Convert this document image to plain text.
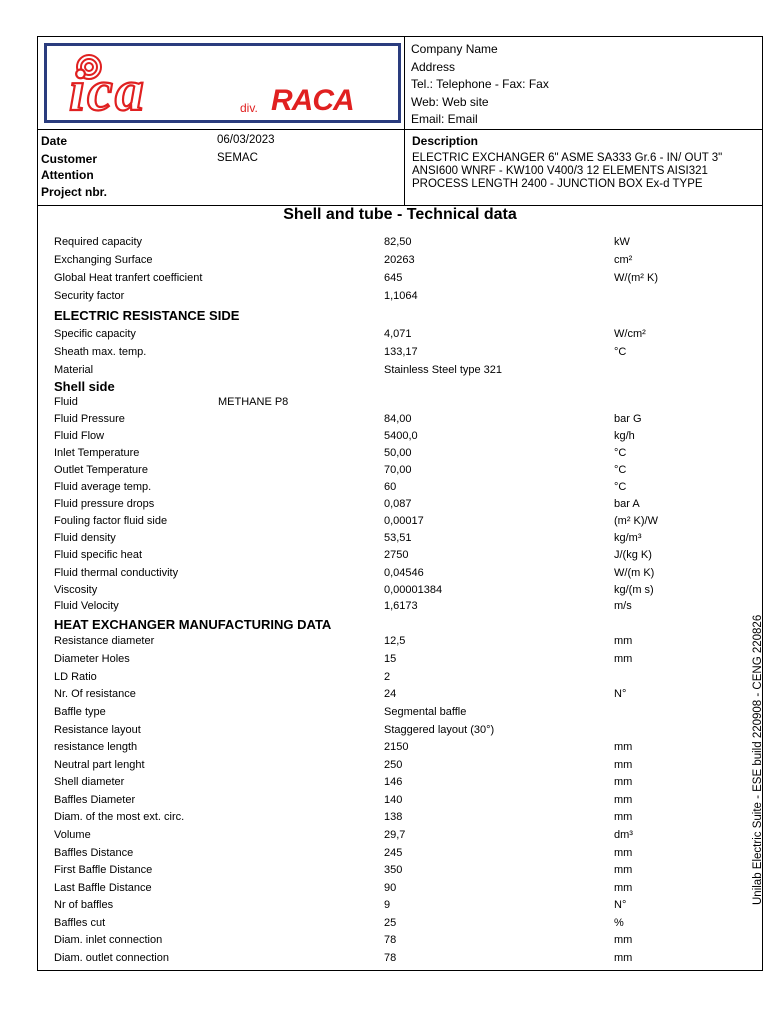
ica	div. RACA
Company Name
Address
Tel.: Telephone - Fax: Fax
Web: Web site
Email: Email
Date	06/03/2023
Customer	SEMAC
Attention
Project nbr.
Description
ELECTRIC EXCHANGER 6" ASME SA333 Gr.6 - IN/ OUT 3" ANSI600 WNRF - KW100 V400/3 12 ELEMENTS AISI321 PROCESS LENGTH 2400 - JUNCTION BOX Ex-d TYPE
Shell and tube - Technical data
Required capacity	82,50	kW
Exchanging Surface	20263	cm²
Global Heat tranfert coefficient	645	W/(m² K)
Security factor	1,1064
ELECTRIC RESISTANCE SIDE
Specific capacity	4,071	W/cm²
Sheath max. temp.	133,17	°C
Material	Stainless Steel type 321
Shell side
Fluid	METHANE P8
Fluid Pressure	84,00	bar G
Fluid Flow	5400,0	kg/h
Inlet Temperature	50,00	°C
Outlet Temperature	70,00	°C
Fluid average temp.	60	°C
Fluid pressure drops	0,087	bar A
Fouling factor fluid side	0,00017	(m² K)/W
Fluid density	53,51	kg/m³
Fluid specific heat	2750	J/(kg K)
Fluid thermal conductivity	0,04546	W/(m K)
Viscosity	0,00001384	kg/(m s)
Fluid Velocity	1,6173	m/s
HEAT EXCHANGER MANUFACTURING DATA
Resistance diameter	12,5	mm
Diameter Holes	15	mm
LD Ratio	2
Nr. Of resistance	24	N°
Baffle type	Segmental baffle
Resistance layout	Staggered layout (30°)
resistance length	2150	mm
Neutral part lenght	250	mm
Shell diameter	146	mm
Baffles Diameter	140	mm
Diam. of the most ext. circ.	138	mm
Volume	29,7	dm³
Baffles Distance	245	mm
First Baffle Distance	350	mm
Last Baffle Distance	90	mm
Nr of baffles	9	N°
Baffles cut	25	%
Diam. inlet connection	78	mm
Diam. outlet connection	78	mm
Unilab Electric Suite - ESE build 220908 - CENG 220826
